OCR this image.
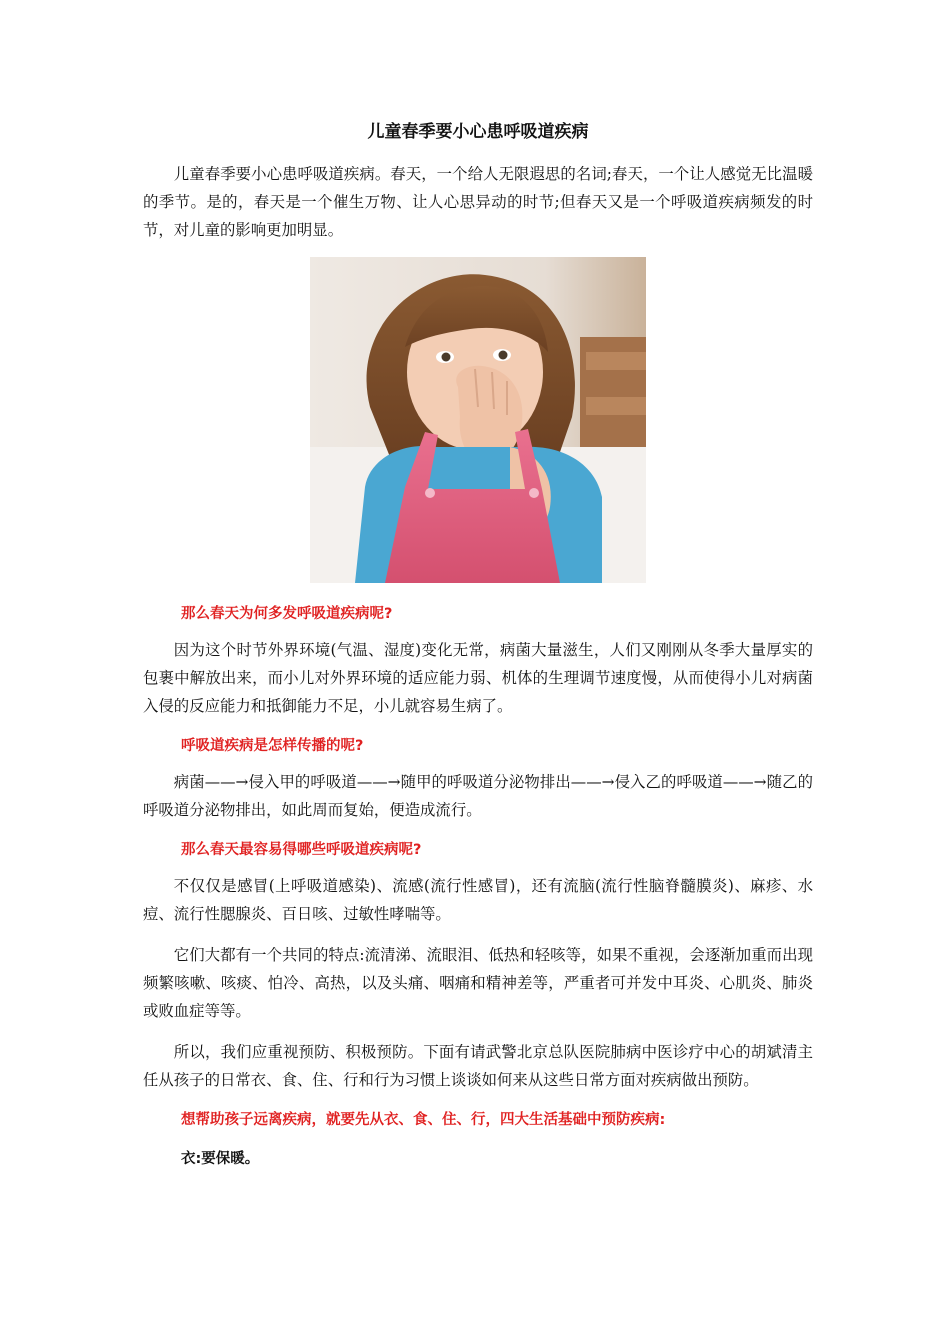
儿童春季要小心患呼吸道疾病

儿童春季要小心患呼吸道疾病。春天，一个给人无限遐思的名词;春天，一个让人感觉无比温暖的季节。是的，春天是一个催生万物、让人心思异动的时节;但春天又是一个呼吸道疾病频发的时节，对儿童的影响更加明显。

那么春天为何多发呼吸道疾病呢?

因为这个时节外界环境(气温、湿度)变化无常，病菌大量滋生，人们又刚刚从冬季大量厚实的包裹中解放出来，而小儿对外界环境的适应能力弱、机体的生理调节速度慢，从而使得小儿对病菌入侵的反应能力和抵御能力不足，小儿就容易生病了。

呼吸道疾病是怎样传播的呢?

病菌——→侵入甲的呼吸道——→随甲的呼吸道分泌物排出——→侵入乙的呼吸道——→随乙的呼吸道分泌物排出，如此周而复始，便造成流行。

那么春天最容易得哪些呼吸道疾病呢?

不仅仅是感冒(上呼吸道感染)、流感(流行性感冒)，还有流脑(流行性脑脊髓膜炎)、麻疹、水痘、流行性腮腺炎、百日咳、过敏性哮喘等。

它们大都有一个共同的特点:流清涕、流眼泪、低热和轻咳等，如果不重视，会逐渐加重而出现频繁咳嗽、咳痰、怕冷、高热，以及头痛、咽痛和精神差等，严重者可并发中耳炎、心肌炎、肺炎或败血症等等。

所以，我们应重视预防、积极预防。下面有请武警北京总队医院肺病中医诊疗中心的胡斌清主任从孩子的日常衣、食、住、行和行为习惯上谈谈如何来从这些日常方面对疾病做出预防。

想帮助孩子远离疾病，就要先从衣、食、住、行，四大生活基础中预防疾病:
衣:要保暖。
